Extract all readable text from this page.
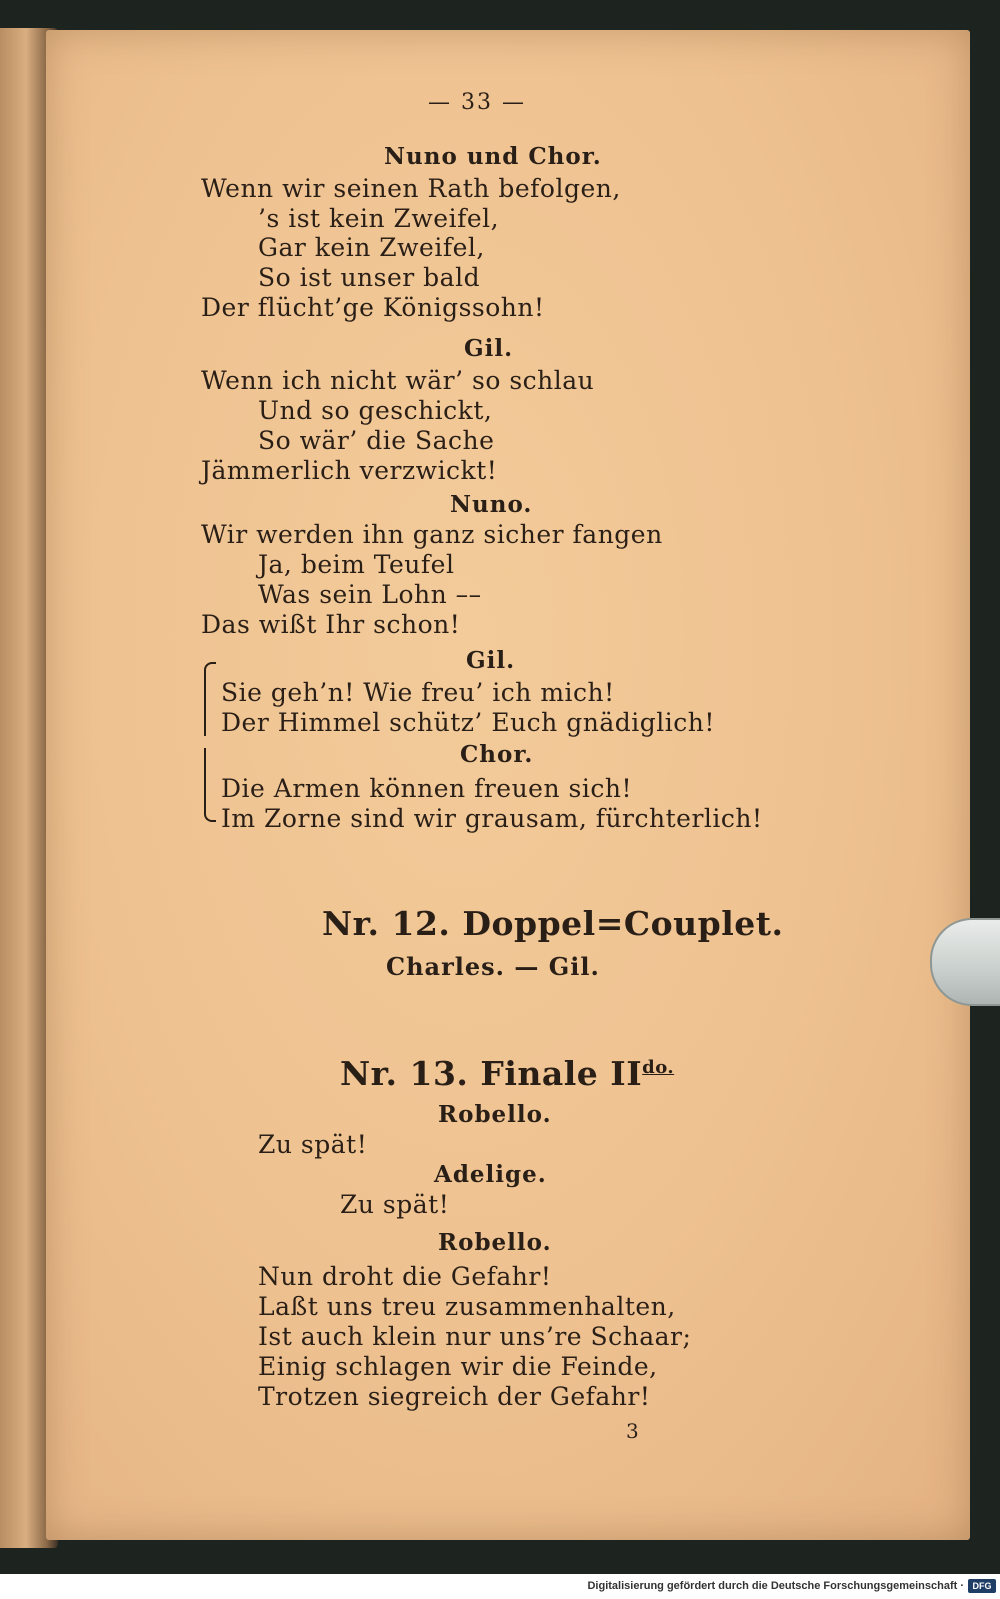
— 33 —
Nuno und Chor.
Wenn wir seinen Rath befolgen,
’s ist kein Zweifel,
Gar kein Zweifel,
So ist unser bald
Der flücht’ge Königssohn!
Gil.
Wenn ich nicht wär’ so schlau
Und so geschickt,
So wär’ die Sache
Jämmerlich verzwickt!
Nuno.
Wir werden ihn ganz sicher fangen
Ja, beim Teufel
Was sein Lohn ––
Das wißt Ihr schon!
Gil.
Sie geh’n! Wie freu’ ich mich!
Der Himmel schütz’ Euch gnädiglich!
Chor.
Die Armen können freuen sich!
Im Zorne sind wir grausam, fürchterlich!
Nr. 12. Doppel=Couplet.
Charles. — Gil.
Nr. 13. Finale $II^{do.}$
Robello.
Zu spät!
Adelige.
Zu spät!
Robello.
Nun droht die Gefahr!
Laßt uns treu zusammenhalten,
Ist auch klein nur uns’re Schaar;
Einig schlagen wir die Feinde,
Trotzen siegreich der Gefahr!
3
Digitalisierung gefördert durch die Deutsche Forschungsgemeinschaft · DFG
